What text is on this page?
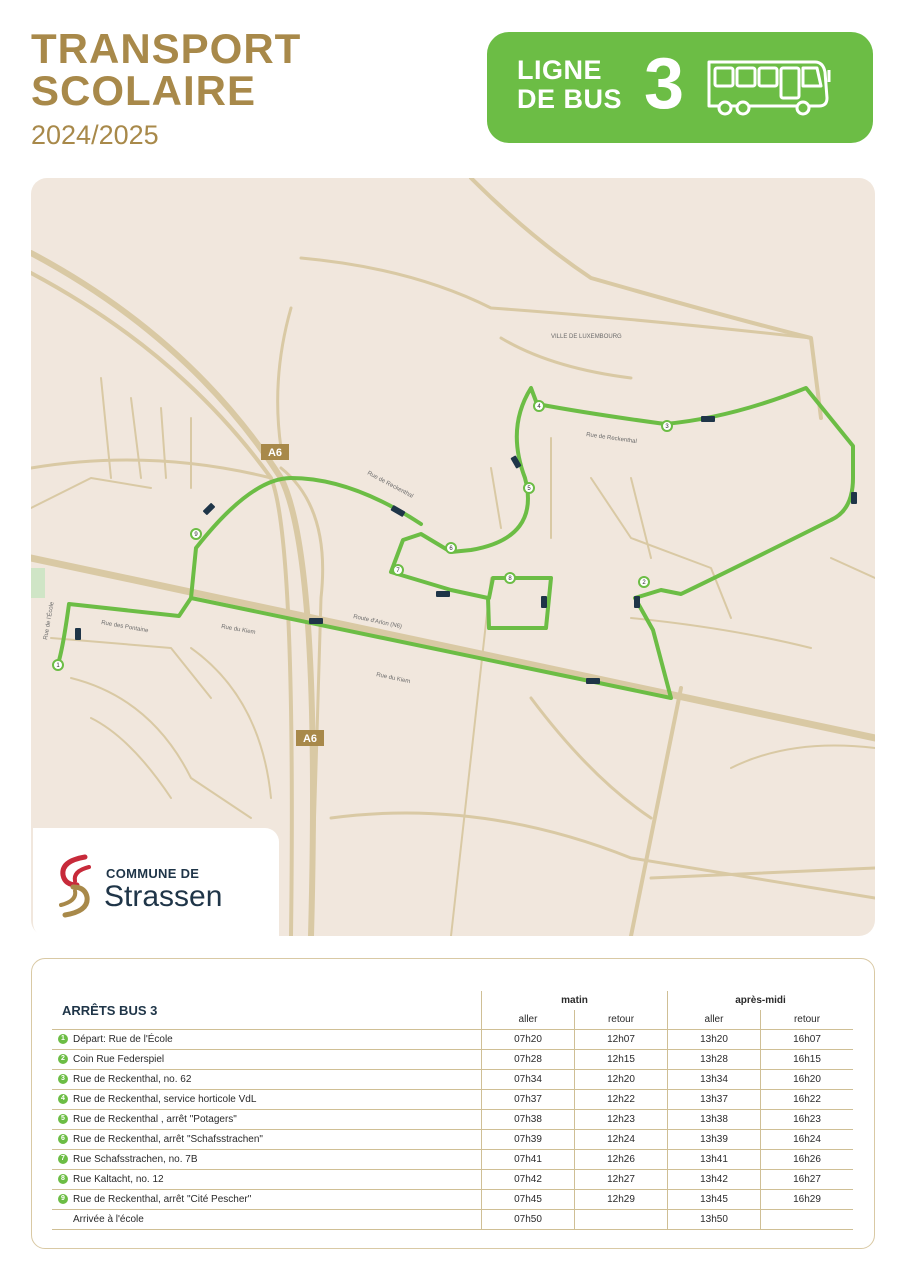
TRANSPORT
SCOLAIRE
2024/2025
LIGNE
DE BUS 3
1
2
3
4
5
6
7
8
9
A6
A6
VILLE DE LUXEMBOURG
Rue de Reckenthal
Rue de Reckenthal
Rue des Pontaine	Rue du Kiem
Rue du Kiem
Route d'Arlon (N6)
Rue de l'École
COMMUNE DE
Strassen
ARRÊTS BUS 3
	matin		après-midi	
	aller	retour	aller	retour
1 Départ: Rue de l'École	07h20	12h07	13h20	16h07
2 Coin Rue Federspiel	07h28	12h15	13h28	16h15
3 Rue de Reckenthal, no. 62	07h34	12h20	13h34	16h20
4 Rue de Reckenthal, service horticole VdL	07h37	12h22	13h37	16h22
5 Rue de Reckenthal , arrêt "Potagers"	07h38	12h23	13h38	16h23
6 Rue de Reckenthal, arrêt "Schafsstrachen"	07h39	12h24	13h39	16h24
7 Rue Schafsstrachen, no. 7B	07h41	12h26	13h41	16h26
8 Rue Kaltacht, no. 12	07h42	12h27	13h42	16h27
9 Rue de Reckenthal, arrêt "Cité Pescher"	07h45	12h29	13h45	16h29
Arrivée à l'école	07h50		13h50	
